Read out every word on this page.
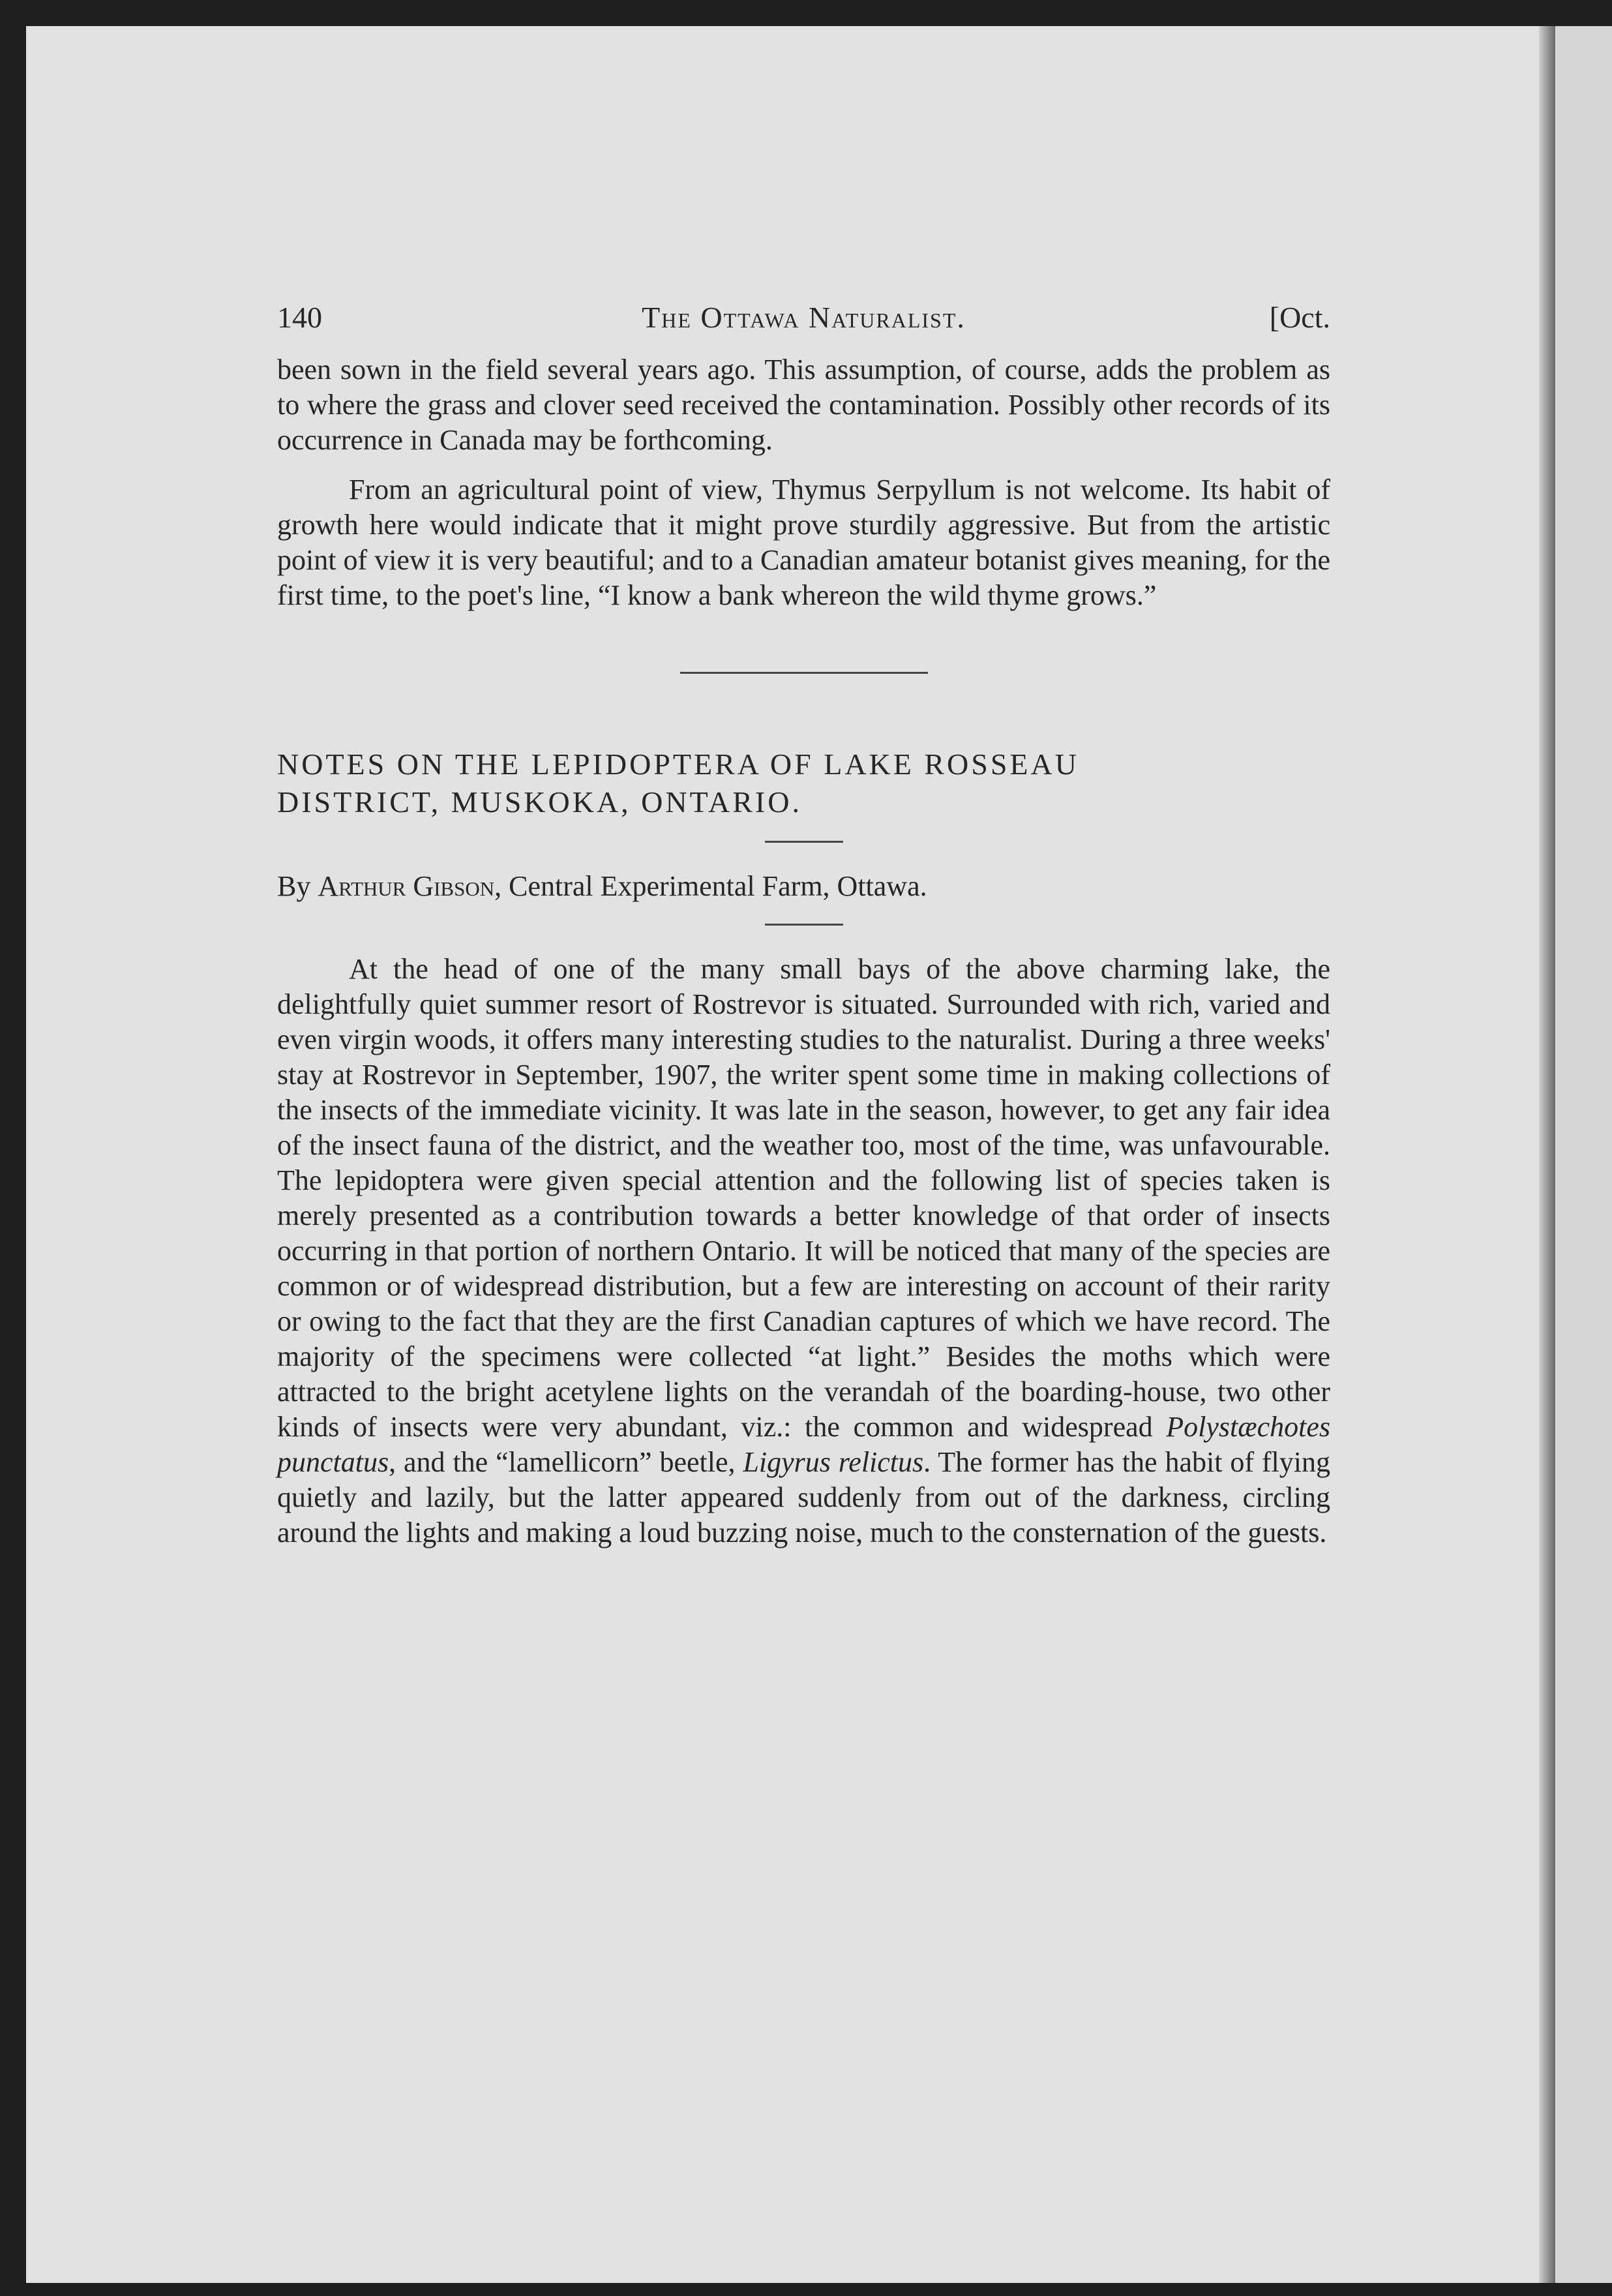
140	The Ottawa Naturalist.	[Oct.

been sown in the field several years ago. This assumption, of course, adds the problem as to where the grass and clover seed received the contamination. Possibly other records of its occurrence in Canada may be forthcoming.

From an agricultural point of view, Thymus Serpyllum is not welcome. Its habit of growth here would indicate that it might prove sturdily aggressive. But from the artistic point of view it is very beautiful; and to a Canadian amateur botanist gives meaning, for the first time, to the poet's line, “I know a bank whereon the wild thyme grows.”

NOTES ON THE LEPIDOPTERA OF LAKE ROSSEAU

DISTRICT, MUSKOKA, ONTARIO.

By Arthur Gibson, Central Experimental Farm, Ottawa.

At the head of one of the many small bays of the above charming lake, the delightfully quiet summer resort of Rostrevor is situated. Surrounded with rich, varied and even virgin woods, it offers many interesting studies to the naturalist. During a three weeks' stay at Rostrevor in September, 1907, the writer spent some time in making collections of the insects of the immediate vicinity. It was late in the season, however, to get any fair idea of the insect fauna of the district, and the weather too, most of the time, was unfavourable. The lepidoptera were given special attention and the following list of species taken is merely presented as a contribution towards a better knowledge of that order of insects occurring in that portion of northern Ontario. It will be noticed that many of the species are common or of widespread distribution, but a few are interesting on account of their rarity or owing to the fact that they are the first Canadian captures of which we have record. The majority of the specimens were collected “at light.” Besides the moths which were attracted to the bright acetylene lights on the verandah of the boarding-house, two other kinds of insects were very abundant, viz.: the common and widespread Polystæchotes punctatus, and the “lamellicorn” beetle, Ligyrus relictus. The former has the habit of flying quietly and lazily, but the latter appeared suddenly from out of the darkness, circling around the lights and making a loud buzzing noise, much to the consternation of the guests.
